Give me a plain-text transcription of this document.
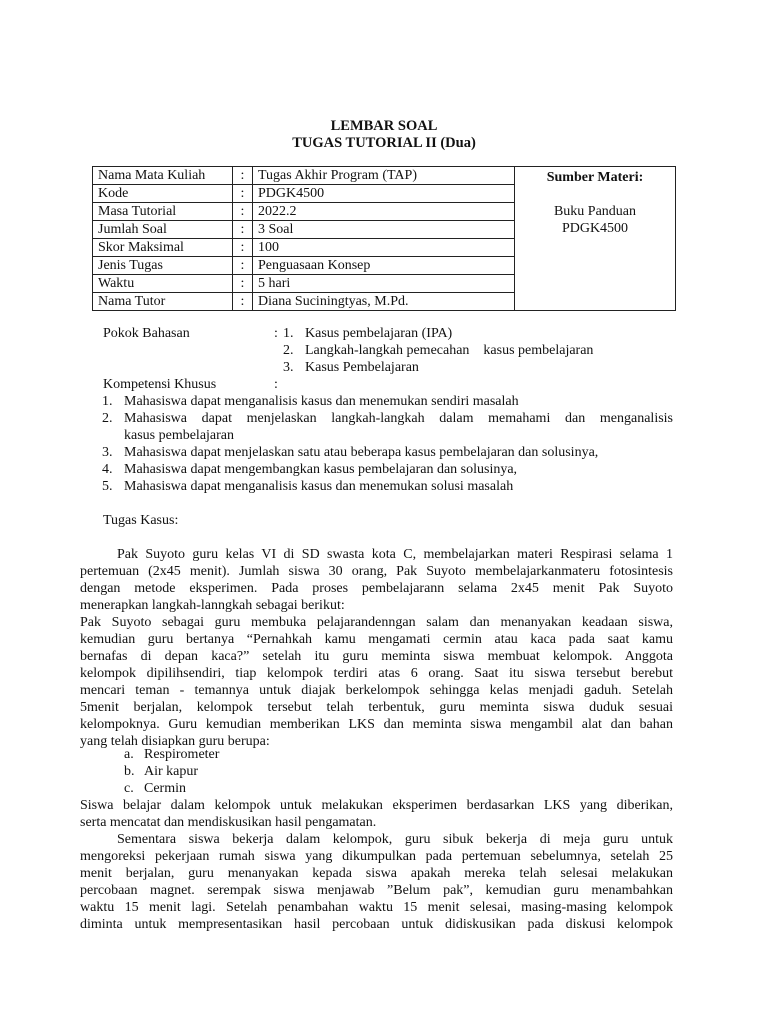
LEMBAR SOAL
TUGAS TUTORIAL II (Dua)
Nama Mata Kuliah	:	Tugas Akhir Program (TAP)	Sumber Materi:
Buku Panduan
PDGK4500

Kode	:	PDGK4500	
Masa Tutorial	:	2022.2	
Jumlah Soal	:	3 Soal	
Skor Maksimal	:	100	
Jenis Tugas	:	Penguasaan Konsep	
Waktu	:	5 hari	
Nama Tutor	:	Diana Suciningtyas, M.Pd.	
Pokok Bahasan	: 1. Kasus pembelajaran (IPA)
2. Langkah-langkah pemecahan    kasus pembelajaran
3. Kasus Pembelajaran
Kompetensi Khusus	:
1. Mahasiswa dapat menganalisis kasus dan menemukan sendiri masalah
2. Mahasiswa dapat menjelaskan langkah-langkah dalam memahami dan menganalisis
kasus pembelajaran
3. Mahasiswa dapat menjelaskan satu atau beberapa kasus pembelajaran dan solusinya,
4. Mahasiswa dapat mengembangkan kasus pembelajaran dan solusinya,
5. Mahasiswa dapat menganalisis kasus dan menemukan solusi masalah
Tugas Kasus:
Pak Suyoto guru kelas VI di SD swasta kota C, membelajarkan materi Respirasi selama 1
pertemuan (2x45 menit). Jumlah siswa 30 orang, Pak Suyoto membelajarkanmateru fotosintesis
dengan metode eksperimen. Pada proses pembelajarann selama 2x45 menit Pak Suyoto
menerapkan langkah-lanngkah sebagai berikut:
Pak Suyoto sebagai guru membuka pelajarandenngan salam dan menanyakan keadaan siswa,
kemudian guru bertanya “Pernahkah kamu mengamati cermin atau kaca pada saat kamu
bernafas di depan kaca?” setelah itu guru meminta siswa membuat kelompok. Anggota
kelompok dipilihsendiri, tiap kelompok terdiri atas 6 orang. Saat itu siswa tersebut berebut
mencari teman - temannya untuk diajak berkelompok sehingga kelas menjadi gaduh. Setelah
5menit berjalan, kelompok tersebut telah terbentuk, guru meminta siswa duduk sesuai
kelompoknya. Guru kemudian memberikan LKS dan meminta siswa mengambil alat dan bahan
yang telah disiapkan guru berupa:
a. Respirometer
b. Air kapur
c. Cermin
Siswa belajar dalam kelompok untuk melakukan eksperimen berdasarkan LKS yang diberikan,
serta mencatat dan mendiskusikan hasil pengamatan.
Sementara siswa bekerja dalam kelompok, guru sibuk bekerja di meja guru untuk
mengoreksi pekerjaan rumah siswa yang dikumpulkan pada pertemuan sebelumnya, setelah 25
menit berjalan, guru menanyakan kepada siswa apakah mereka telah selesai melakukan
percobaan magnet. serempak siswa menjawab ”Belum pak”, kemudian guru menambahkan
waktu 15 menit lagi. Setelah penambahan waktu 15 menit selesai, masing-masing kelompok
diminta untuk mempresentasikan hasil percobaan untuk didiskusikan pada diskusi kelompok
